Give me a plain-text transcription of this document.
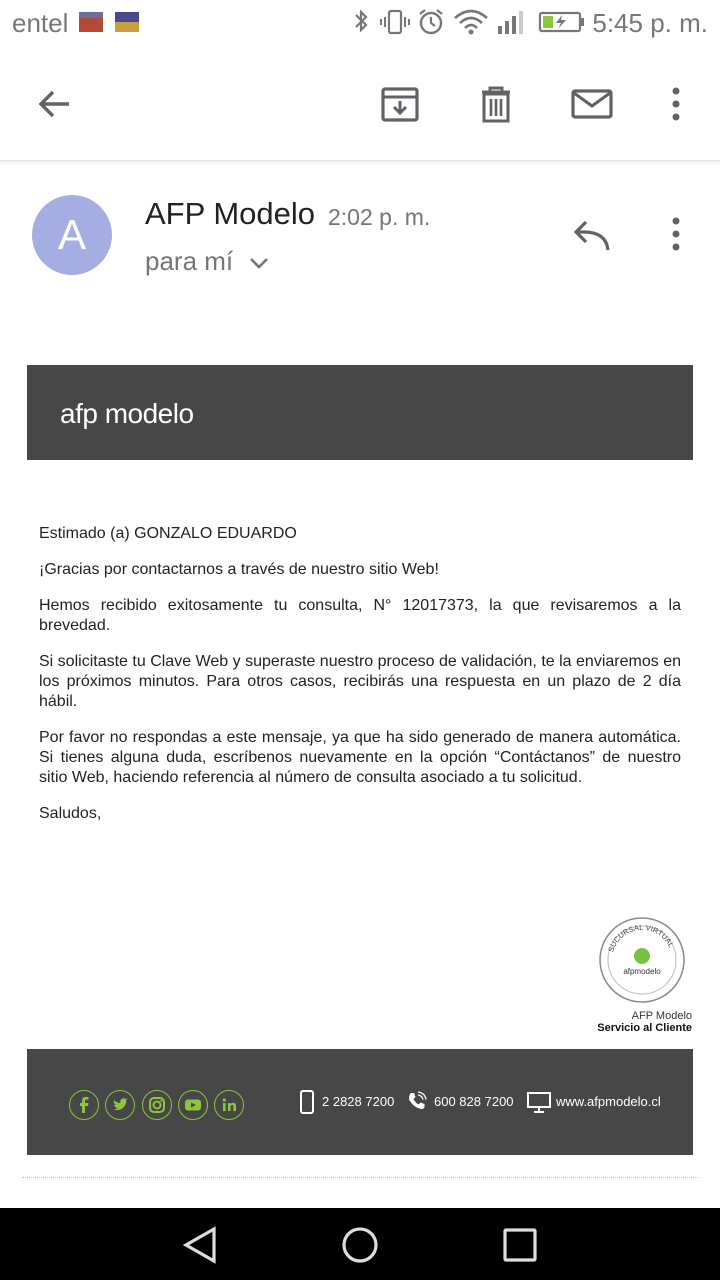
entel	5:45 p. m.
A	AFP Modelo 2:02 p. m.
para mí
afp modelo

Estimado (a) GONZALO EDUARDO

¡Gracias por contactarnos a través de nuestro sitio Web!

Hemos recibido exitosamente tu consulta, N° 12017373, la que revisaremos a la brevedad.

Si solicitaste tu Clave Web y superaste nuestro proceso de validación, te la enviaremos en los próximos minutos. Para otros casos, recibirás una respuesta en un plazo de 2 día hábil.

Por favor no respondas a este mensaje, ya que ha sido generado de manera automática. Si tienes alguna duda, escríbenos nuevamente en la opción “Contáctanos” de nuestro sitio Web, haciendo referencia al número de consulta asociado a tu solicitud.

Saludos,

SUCURSAL VIRTUAL
afpmodelo
AFP Modelo
Servicio al Cliente
2 2828 7200	600 828 7200	www.afpmodelo.cl
